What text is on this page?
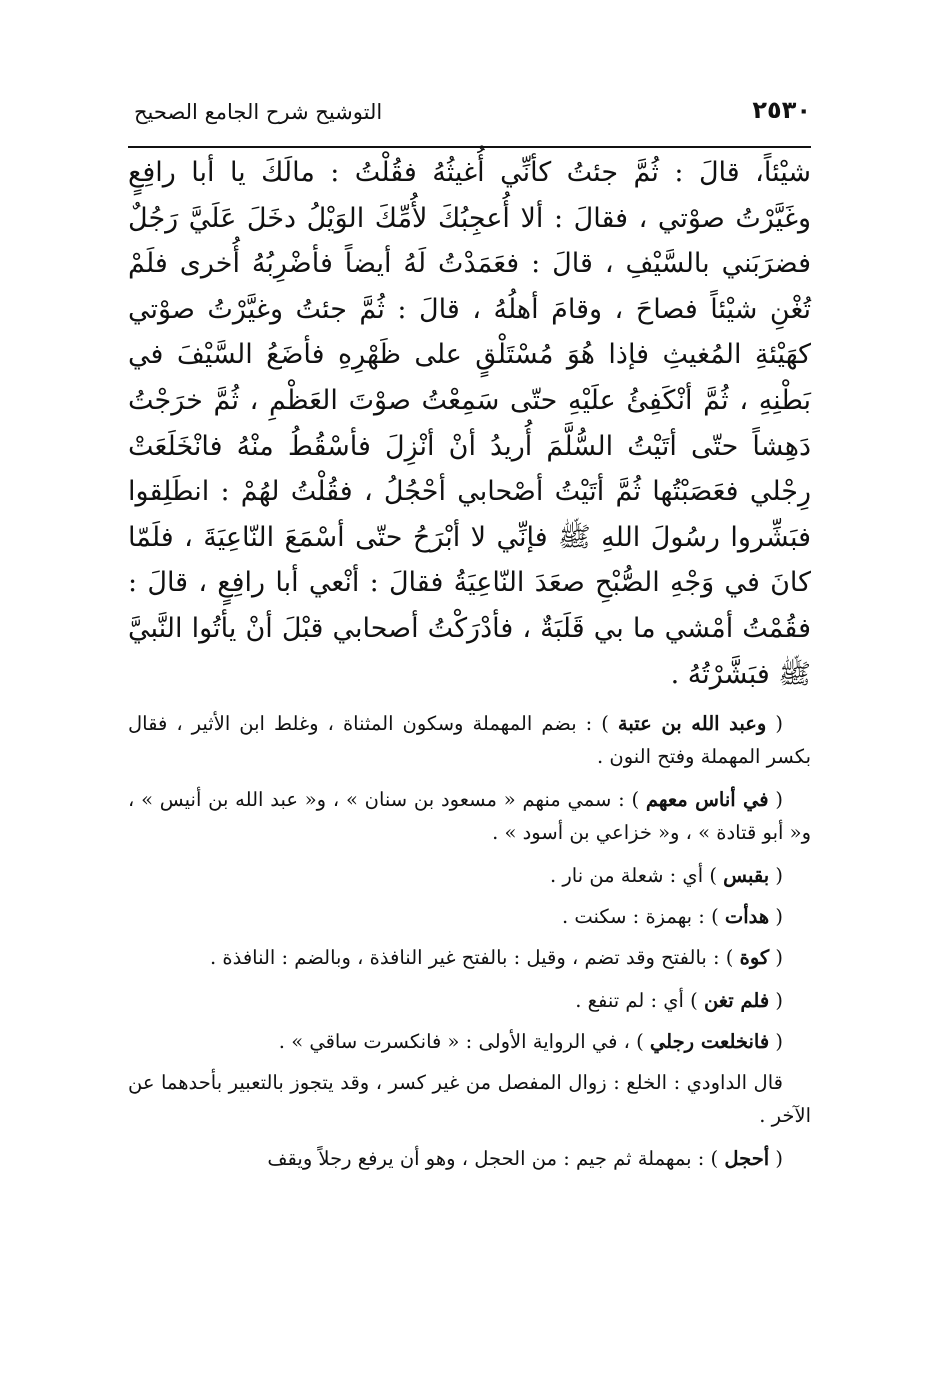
٢٥٣٠
التوشيح شرح الجامع الصحيح

شيْئاً، قالَ : ثُمَّ جئتُ كأنِّي أُغيثُهُ فقُلْتُ : مالَكَ يا أبا رافِعٍ وغَيَّرْتُ صوْتي ، فقالَ : ألا أُعجِبُكَ لأُمِّكَ الوَيْلُ دخَلَ عَلَيَّ رَجُلٌ فضرَبَني بالسَّيْفِ ، قالَ : فعَمَدْتُ لَهُ أيضاً فأضْرِبُهُ أُخرى فلَمْ تُغْنِ شيْئاً فصاحَ ، وقامَ أهلُهُ ، قالَ : ثُمَّ جئتُ وغيَّرْتُ صوْتي كهَيْئةِ المُغيثِ فإذا هُوَ مُسْتَلْقٍ على ظَهْرِهِ فأضَعُ السَّيْفَ في بَطْنِهِ ، ثُمَّ أنْكَفِئُ علَيْهِ حتّى سَمِعْتُ صوْتَ العَظْمِ ، ثُمَّ خرَجْتُ دَهِشاً حتّى أتَيْتُ السُّلَّمَ أُريدُ أنْ أنْزِلَ فأسْقُطُ منْهُ فانْخَلَعَتْ رِجْلي فعَصَبْتُها ثُمَّ أتَيْتُ أصْحابي أحْجُلُ ، فقُلْتُ لهُمْ : انطَلِقوا فبَشِّروا رسُولَ اللهِ ﷺ فإنِّي لا أبْرَحُ حتّى أسْمَعَ النّاعِيَةَ ، فلَمّا كانَ في وَجْهِ الصُّبْحِ صعَدَ النّاعِيَةُ فقالَ : أنْعي أبا رافِعٍ ، قالَ : فقُمْتُ أمْشي ما بي قَلَبَةٌ ، فأدْرَكْتُ أصحابي قبْلَ أنْ يأتُوا النَّبيَّ ﷺ فبَشَّرْتُهُ .

( وعبد الله بن عتبة ) : بضم المهملة وسكون المثناة ، وغلط ابن الأثير ، فقال بكسر المهملة وفتح النون .

( في أناس معهم ) : سمي منهم « مسعود بن سنان » ، و« عبد الله بن أنيس » ، و« أبو قتادة » ، و« خزاعي بن أسود » .

( بقبس ) أي : شعلة من نار .

( هدأت ) : بهمزة : سكنت .

( كوة ) : بالفتح وقد تضم ، وقيل : بالفتح غير النافذة ، وبالضم : النافذة .

( فلم تغن ) أي : لم تنفع .

( فانخلعت رجلي ) ، في الرواية الأولى : « فانكسرت ساقي » .

قال الداودي : الخلع : زوال المفصل من غير كسر ، وقد يتجوز بالتعبير بأحدهما عن الآخر .

( أحجل ) : بمهملة ثم جيم : من الحجل ، وهو أن يرفع رجلاً ويقف
